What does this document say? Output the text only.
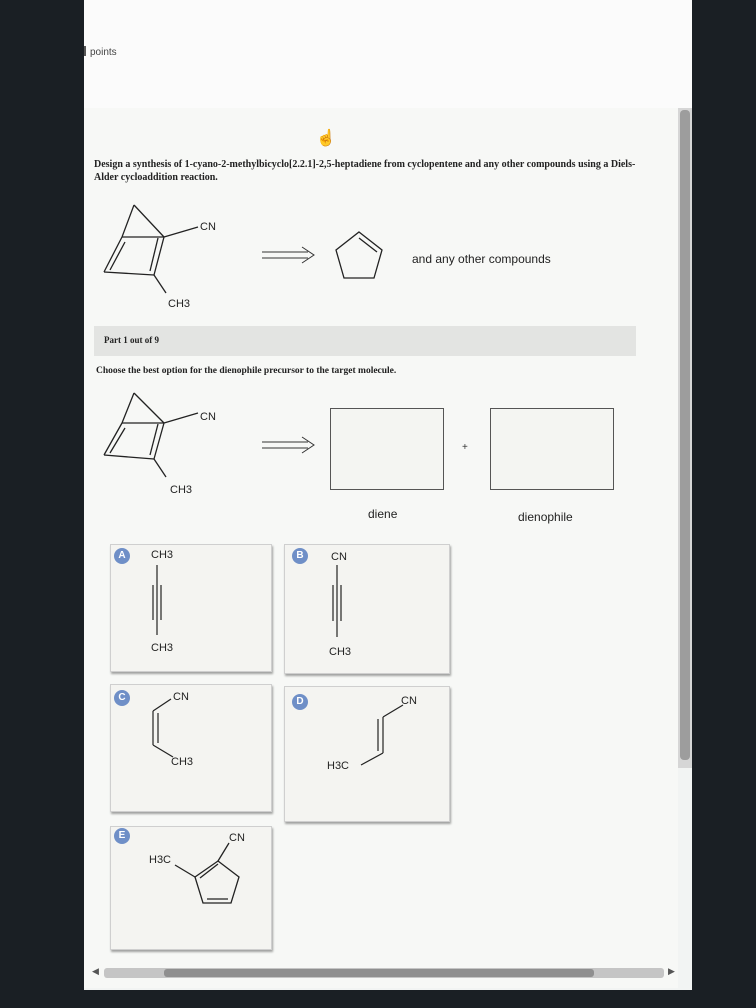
points
☝
Design a synthesis of 1-cyano-2-methylbicyclo[2.2.1]-2,5-heptadiene from cyclopentene and any other compounds using a Diels-Alder cycloaddition reaction.
CN
CH3
and any other compounds
Part 1 out of 9
Choose the best option for the dienophile precursor to the target molecule.
CN
CH3
+
diene	dienophile
CH3
CH3
A	CN
CH3
B
CN
CH3
C	CN
H3C
D
CN
H3C
E
◀	▶
